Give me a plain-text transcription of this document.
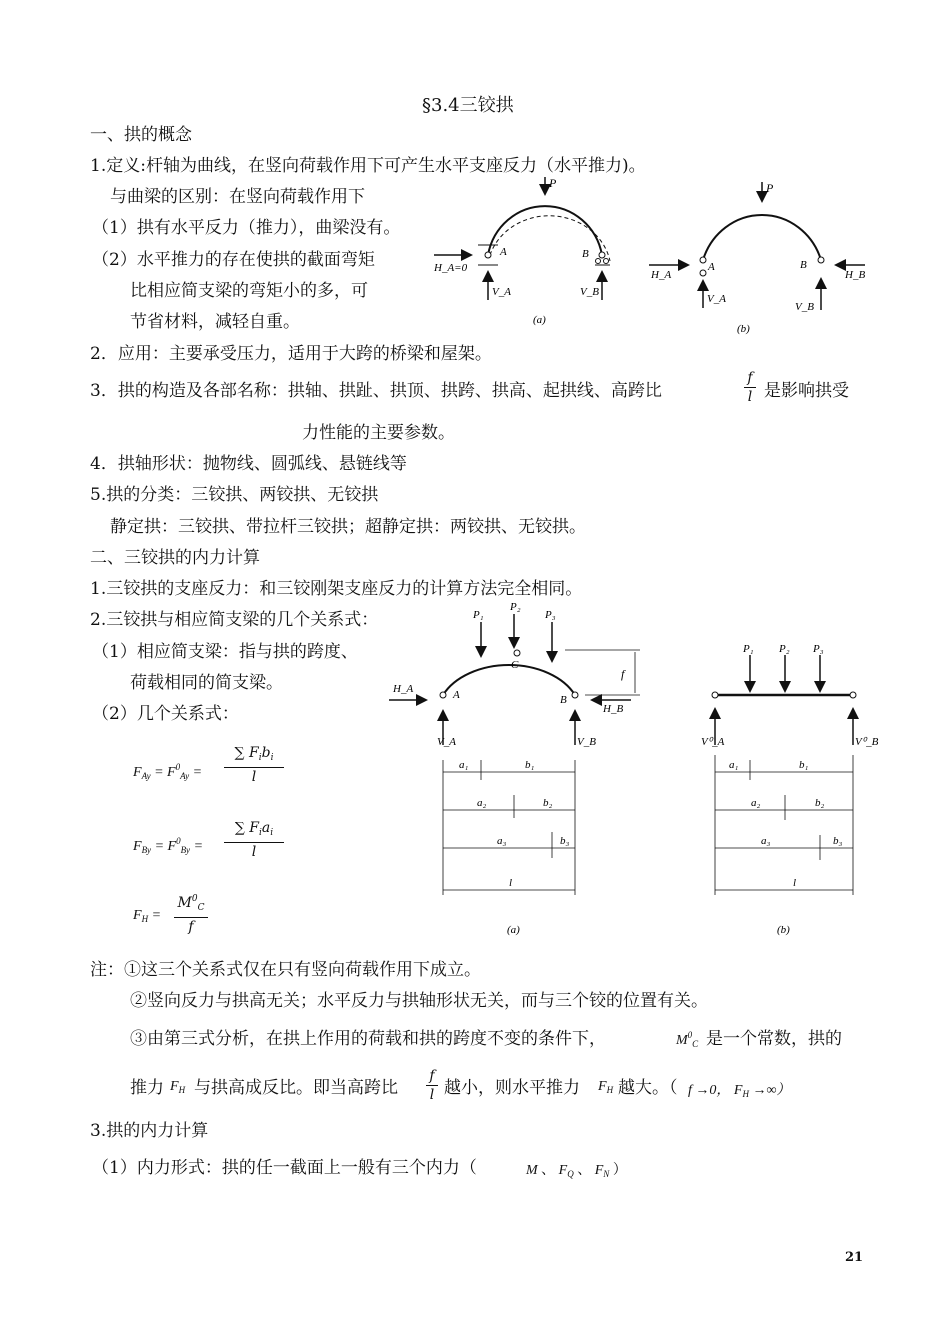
§3.4三铰拱
一、拱的概念
1.定义:杆轴为曲线，在竖向荷载作用下可产生水平支座反力（水平推力)。
与曲梁的区别：在竖向荷载作用下
（1）拱有水平反力（推力），曲梁没有。
（2）水平推力的存在使拱的截面弯矩
比相应简支梁的弯矩小的多，可
节省材料，减轻自重。
2．应用：主要承受压力，适用于大跨的桥梁和屋架。
3．拱的构造及各部名称：拱轴、拱趾、拱顶、拱跨、拱高、起拱线、高跨比
f
l 是影响拱受
力性能的主要参数。
4．拱轴形状：抛物线、圆弧线、悬链线等
5.拱的分类：三铰拱、两铰拱、无铰拱
静定拱：三铰拱、带拉杆三铰拱；超静定拱：两铰拱、无铰拱。
二、三铰拱的内力计算
1.三铰拱的支座反力：和三铰刚架支座反力的计算方法完全相同。
2.三铰拱与相应简支梁的几个关系式：
（1）相应简支梁：指与拱的跨度、
荷载相同的简支梁。
（2）几个关系式：
$F_{Ay} = F^0_{Ay}$ =
∑ $F_ib_i$
l
$F_{By} = F^0_{By}$ =
∑ $F_ia_i$
l
$F_H$ =
$M^0_C$
f
注：①这三个关系式仅在只有竖向荷载作用下成立。
②竖向反力与拱高无关；水平反力与拱轴形状无关，而与三个铰的位置有关。
③由第三式分析，在拱上作用的荷载和拱的跨度不变的条件下，	$M^0_C$ 是一个常数，拱的
推力 $F_H$ 与拱高成反比。即当高跨比
f
l 越小，则水平推力 $F_H$ 越大。（ f →0， $F_H$ →∞）
3.拱的内力计算
（1）内力形式：拱的任一截面上一般有三个内力（	M 、 $F_Q$ 、 $F_N$ ）
21
P
H_A=0
A	B
V_A	V_B
(a)
P
H_A	H_B
A	B
V_A
V_B
(b)
C
P₁
P₂
P₃
f
H_A
H_B
A	B
V_A	V_B
a₁	b₁
a₂	b₂
a₃	b₃
l
(a)
P₁ P₂ P₃
V⁰_A	V⁰_B
a₁	b₁
a₂	b₂
a₃	b₃
l
(b)
